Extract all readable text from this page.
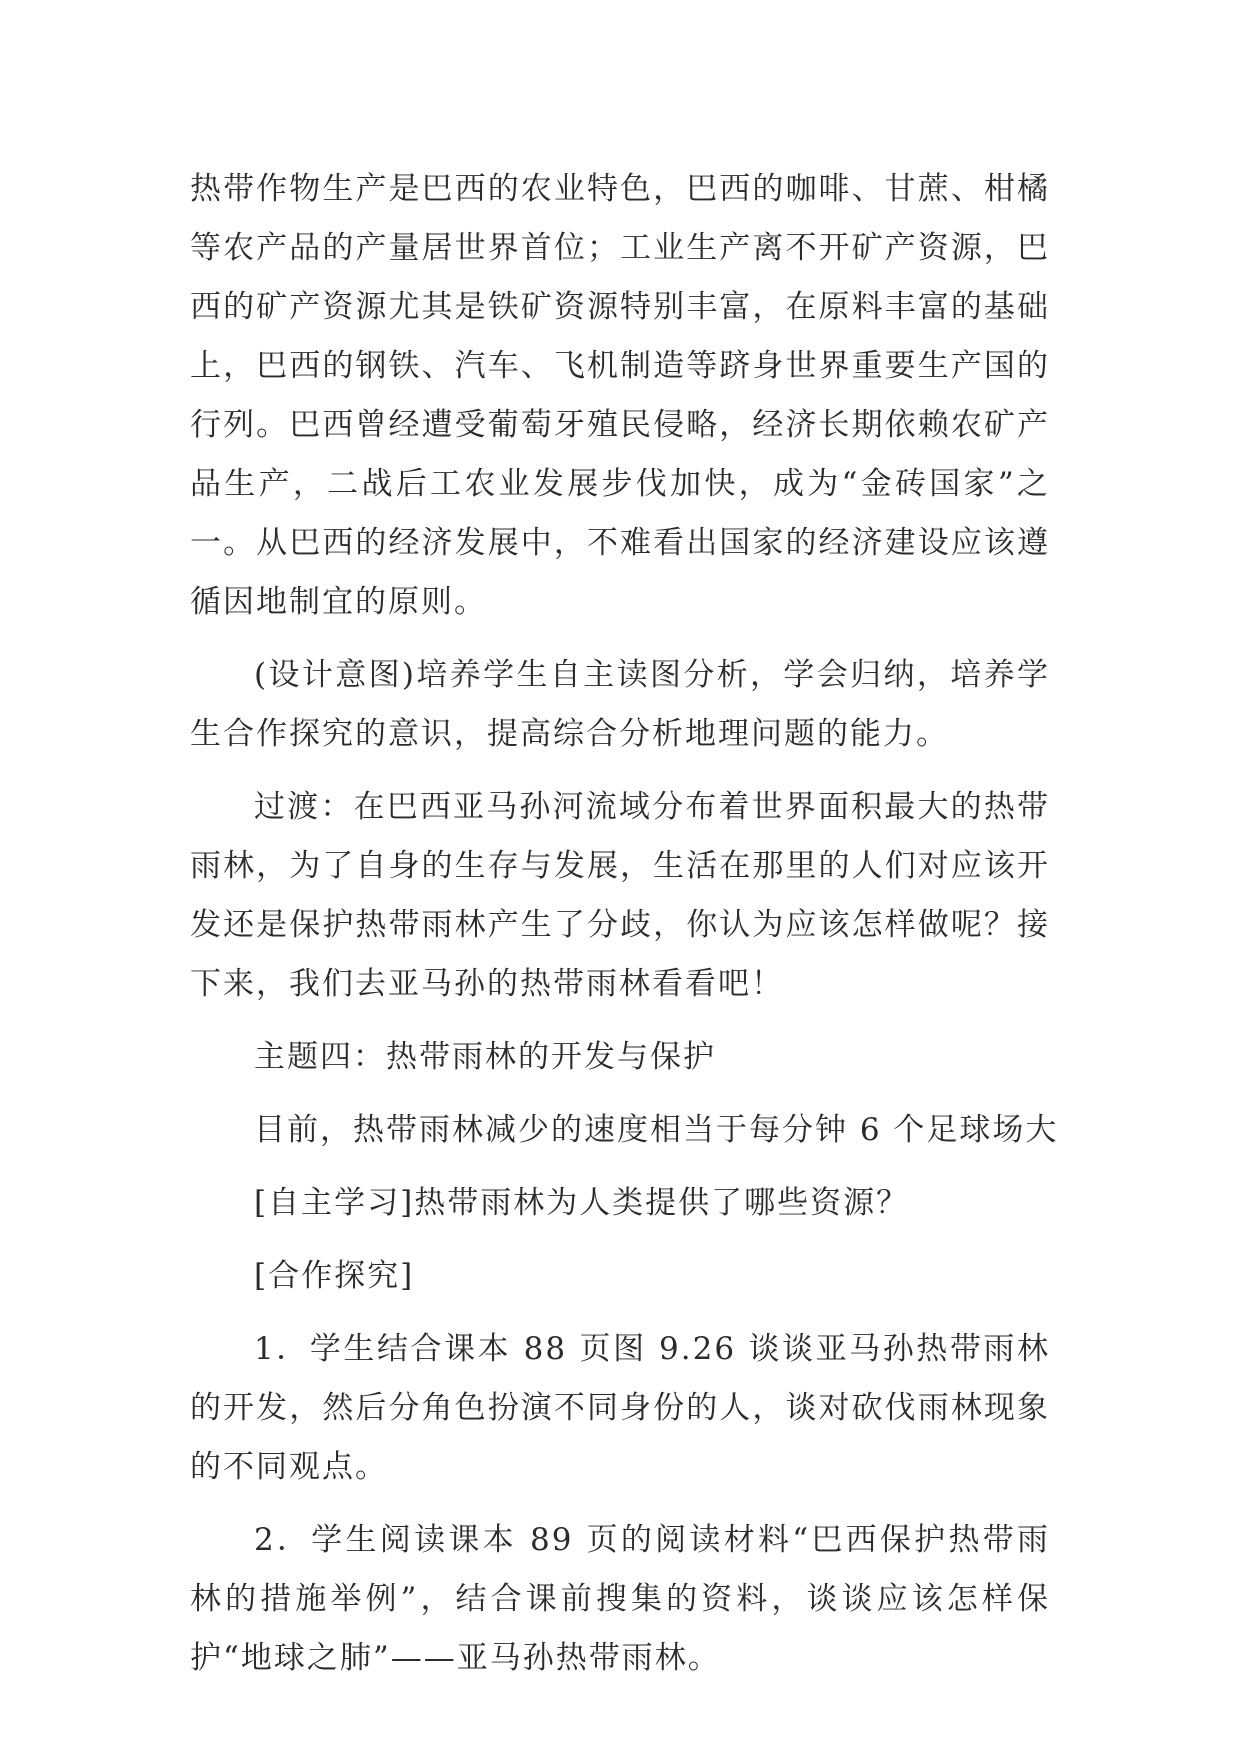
热带作物生产是巴西的农业特色，巴西的咖啡、甘蔗、柑橘等农产品的产量居世界首位；工业生产离不开矿产资源，巴西的矿产资源尤其是铁矿资源特别丰富，在原料丰富的基础上，巴西的钢铁、汽车、飞机制造等跻身世界重要生产国的行列。巴西曾经遭受葡萄牙殖民侵略，经济长期依赖农矿产品生产，二战后工农业发展步伐加快，成为“金砖国家”之一。从巴西的经济发展中，不难看出国家的经济建设应该遵循因地制宜的原则。

(设计意图)培养学生自主读图分析，学会归纳，培养学生合作探究的意识，提高综合分析地理问题的能力。

过渡：在巴西亚马孙河流域分布着世界面积最大的热带雨林，为了自身的生存与发展，生活在那里的人们对应该开发还是保护热带雨林产生了分歧，你认为应该怎样做呢？接下来，我们去亚马孙的热带雨林看看吧！

主题四：热带雨林的开发与保护

目前，热带雨林减少的速度相当于每分钟 6 个足球场大

[自主学习]热带雨林为人类提供了哪些资源？

[合作探究]

1．学生结合课本 88 页图 9.26 谈谈亚马孙热带雨林的开发，然后分角色扮演不同身份的人，谈对砍伐雨林现象的不同观点。

2．学生阅读课本 89 页的阅读材料“巴西保护热带雨林的措施举例”，结合课前搜集的资料，谈谈应该怎样保护“地球之肺”——亚马孙热带雨林。
